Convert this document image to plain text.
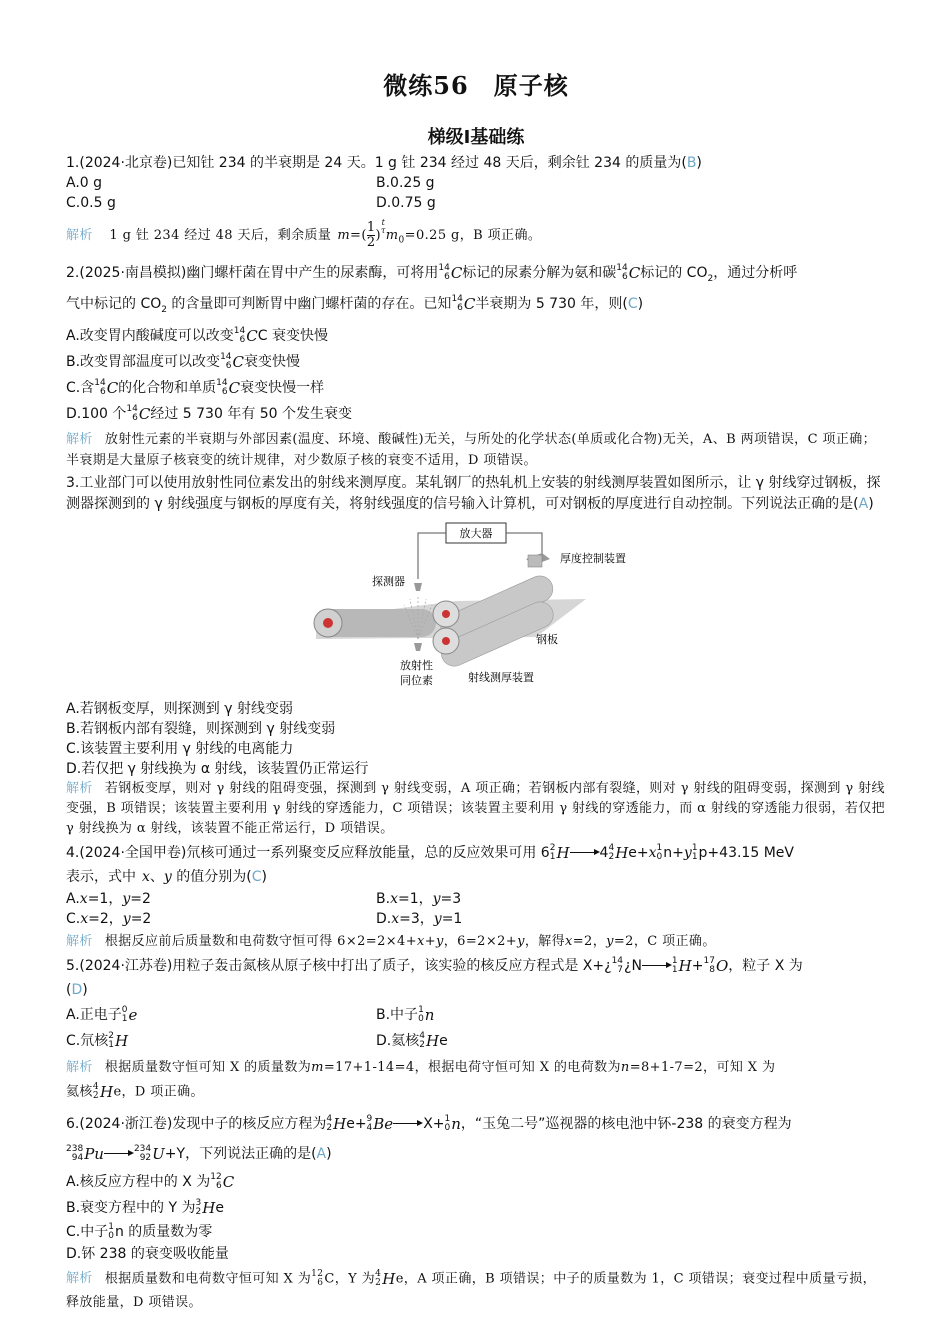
微练56　原子核
梯级Ⅰ基础练
1.(2024·北京卷)已知钍 234 的半衰期是 24 天。1 g 钍 234 经过 48 天后，剩余钍 234 的质量为(B)
A.0 g	B.0.25 g
C.0.5 g	D.0.75 g
解析 1 g 钍 234 经过 48 天后，剩余质量 $m=( \frac{1}{2}$ )
t
τ $m_0=0.25$ g，B 项正确。
2.(2025·南昌模拟)幽门螺杆菌在胃中产生的尿素酶，可将用 14
6 C 标记的尿素分解为氨和碳 14
6 C 标记的 $CO_2$，通过分析呼
气中标记的 $CO_2$ 的含量即可判断胃中幽门螺杆菌的存在。已知 14
6 C 半衰期为 5 730 年，则(C)
A.改变胃内酸碱度可以改变 14
6 C C 衰变快慢
B.改变胃部温度可以改变 14
6 C 衰变快慢
C.含 14
6 C 的化合物和单质 14
6 C 衰变快慢一样
D.100 个 14
6 C 经过 5 730 年有 50 个发生衰变
解析 放射性元素的半衰期与外部因素(温度、环境、酸碱性)无关，与所处的化学状态(单质或化合物)无关，A、B 两项错误，C 项正确；半衰期是大量原子核衰变的统计规律，对少数原子核的衰变不适用，D 项错误。
3.工业部门可以使用放射性同位素发出的射线来测厚度。某轧钢厂的热轧机上安装的射线测厚装置如图所示，让 γ 射线穿过钢板，探测器探测到的 γ 射线强度与钢板的厚度有关，将射线强度的信号输入计算机，可对钢板的厚度进行自动控制。下列说法正确的是(A)
放大器
厚度控制装置
探测器
钢板
放射性
同位素	射线测厚装置
A.若钢板变厚，则探测到 γ 射线变弱
B.若钢板内部有裂缝，则探测到 γ 射线变弱
C.该装置主要利用 γ 射线的电离能力
D.若仅把 γ 射线换为 α 射线，该装置仍正常运行
解析 若钢板变厚，则对 γ 射线的阻碍变强，探测到 γ 射线变弱，A 项正确；若钢板内部有裂缝，则对 γ 射线的阻碍变弱，探测到 γ 射线变强，B 项错误；该装置主要利用 γ 射线的穿透能力，C 项错误；该装置主要利用 γ 射线的穿透能力，而 α 射线的穿透能力很弱，若仅把 γ 射线换为 α 射线，该装置不能正常运行，D 项错误。
4.(2024·全国甲卷)氘核可通过一系列聚变反应释放能量，总的反应效果可用 6 2
1 H 4 4
2 H e+x 1
0 n+y 1
1 p+43.15 MeV
表示，式中 x、y 的值分别为(C)
A.x=1，y=2	B.x=1，y=3
C.x=2，y=2	D.x=3，y=1
解析 根据反应前后质量数和电荷数守恒可得 6×2=2×4+x+y，6=2×2+y，解得x=2，y=2，C 项正确。
5.(2024·江苏卷)用粒子轰击氮核从原子核中打出了质子，该实验的核反应方程式是 X+¿ 14
7 ¿N	1
1 H + 17
8 O ，粒子 X 为
(D)
A.正电子 0
1 e	B.中子 1
0 n
C.氘核 2
1 H	D.氦核 4
2 H e
解析 根据质量数守恒可知 X 的质量数为m=17+1-14=4，根据电荷守恒可知 X 的电荷数为n=8+1-7=2，可知 X 为
氦核 4
2 H e，D 项正确。
6.(2024·浙江卷)发现中子的核反应方程为 4
2 H e+ 9
4 Be X+ 1
0 n ，“玉兔二号”巡视器的核电池中钚-238 的衰变方程为

238
94 Pu	234
92 U +Y，下列说法正确的是(A)
A.核反应方程中的 X 为 12
6 C
B.衰变方程中的 Y 为 3
2 H e
C.中子 1
0 n 的质量数为零
D.钚 238 的衰变吸收能量
解析 根据质量数和电荷数守恒可知 X 为 12
6 C，Y 为 4
2 H e，A 项正确，B 项错误；中子的质量数为 1，C 项错误；衰变过程中质量亏损，释放能量，D 项错误。
